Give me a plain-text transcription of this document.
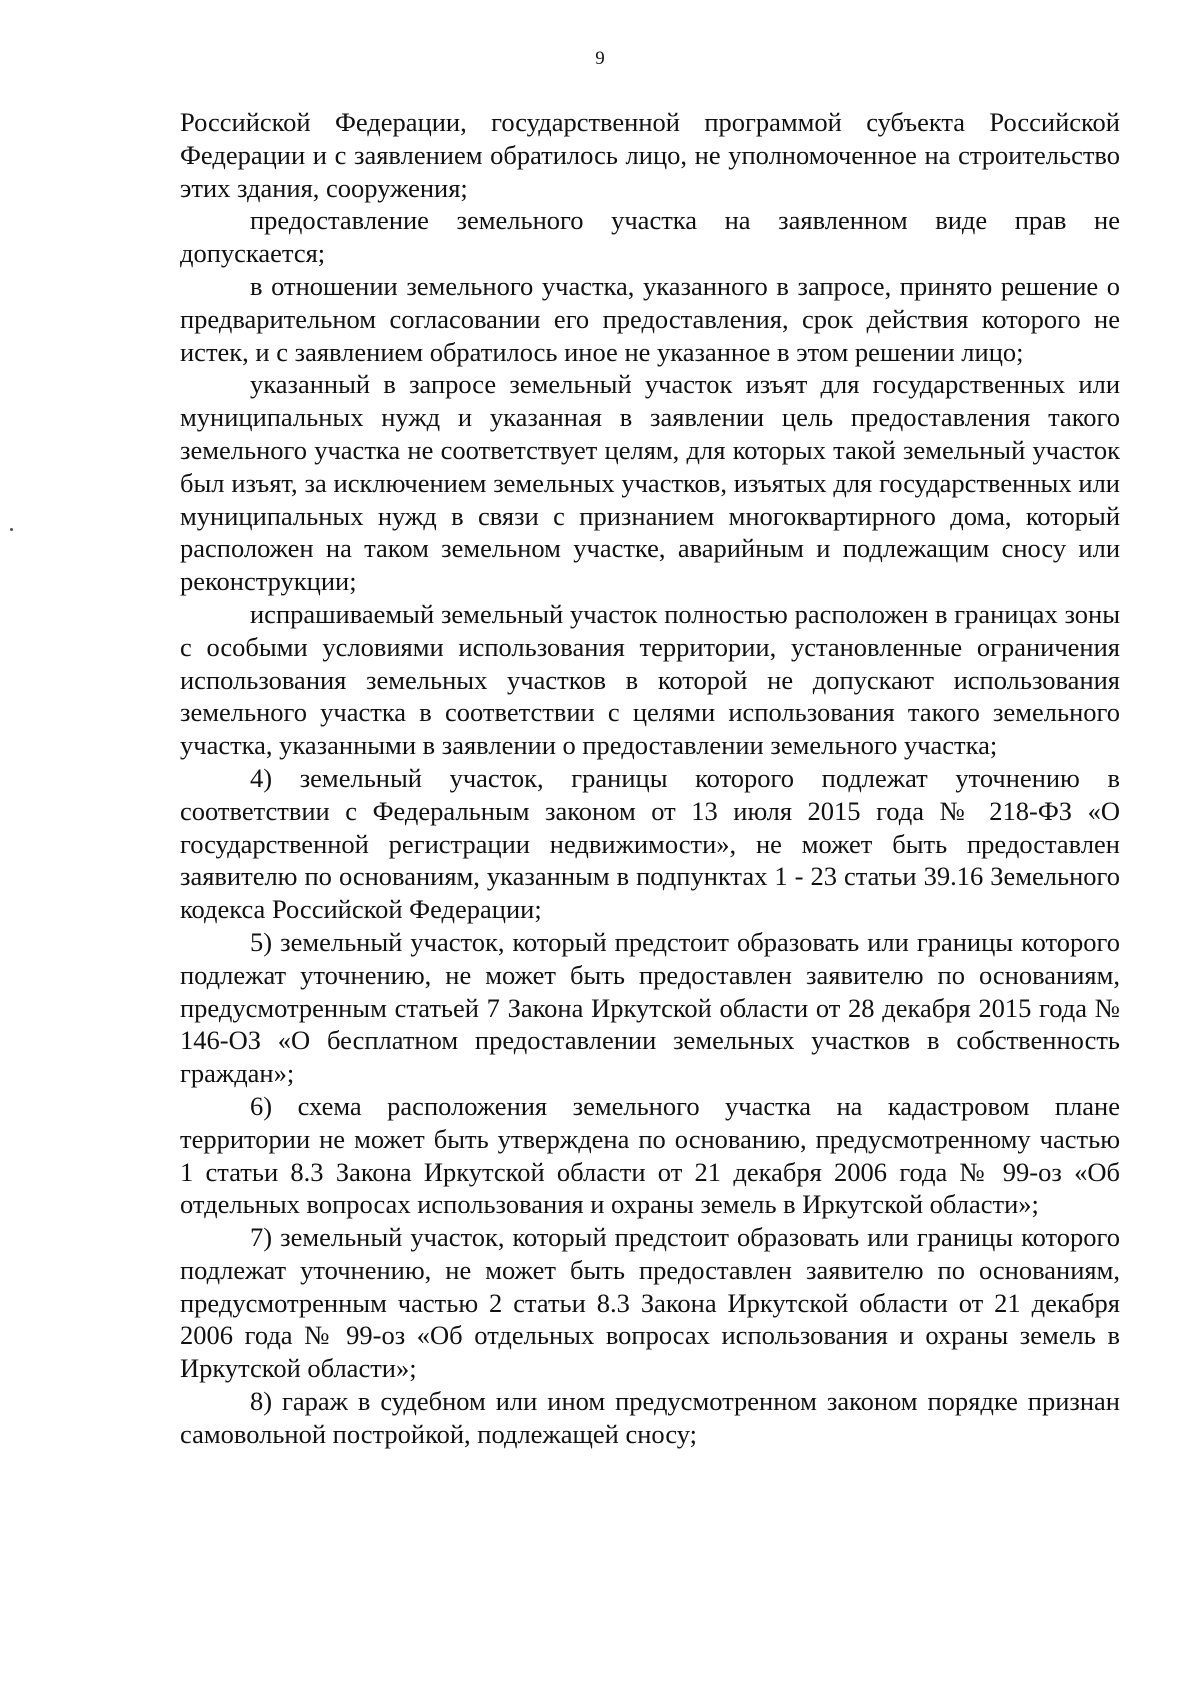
9

Российской Федерации, государственной программой субъекта Российской Федерации и с заявлением обратилось лицо, не уполномоченное на строительство этих здания, сооружения;

предоставление земельного участка на заявленном виде прав не допускается;

в отношении земельного участка, указанного в запросе, принято решение о предварительном согласовании его предоставления, срок действия которого не истек, и с заявлением обратилось иное не указанное в этом решении лицо;

указанный в запросе земельный участок изъят для государственных или муниципальных нужд и указанная в заявлении цель предоставления такого земельного участка не соответствует целям, для которых такой земельный участок был изъят, за исключением земельных участков, изъятых для государственных или муниципальных нужд в связи с признанием многоквартирного дома, который расположен на таком земельном участке, аварийным и подлежащим сносу или реконструкции;

испрашиваемый земельный участок полностью расположен в границах зоны с особыми условиями использования территории, установленные ограничения использования земельных участков в которой не допускают использования земельного участка в соответствии с целями использования такого земельного участка, указанными в заявлении о предоставлении земельного участка;

4) земельный участок, границы которого подлежат уточнению в соответствии с Федеральным законом от 13 июля 2015 года № 218-ФЗ «О государственной регистрации недвижимости», не может быть предоставлен заявителю по основаниям, указанным в подпунктах 1 - 23 статьи 39.16 Земельного кодекса Российской Федерации;

5) земельный участок, который предстоит образовать или границы которого подлежат уточнению, не может быть предоставлен заявителю по основаниям, предусмотренным статьей 7 Закона Иркутской области от 28 декабря 2015 года № 146-ОЗ «О бесплатном предоставлении земельных участков в собственность граждан»;

6) схема расположения земельного участка на кадастровом плане территории не может быть утверждена по основанию, предусмотренному частью 1 статьи 8.3 Закона Иркутской области от 21 декабря 2006 года № 99-оз «Об отдельных вопросах использования и охраны земель в Иркутской области»;

7) земельный участок, который предстоит образовать или границы которого подлежат уточнению, не может быть предоставлен заявителю по основаниям, предусмотренным частью 2 статьи 8.3 Закона Иркутской области от 21 декабря 2006 года № 99-оз «Об отдельных вопросах использования и охраны земель в Иркутской области»;

8) гараж в судебном или ином предусмотренном законом порядке признан самовольной постройкой, подлежащей сносу;
